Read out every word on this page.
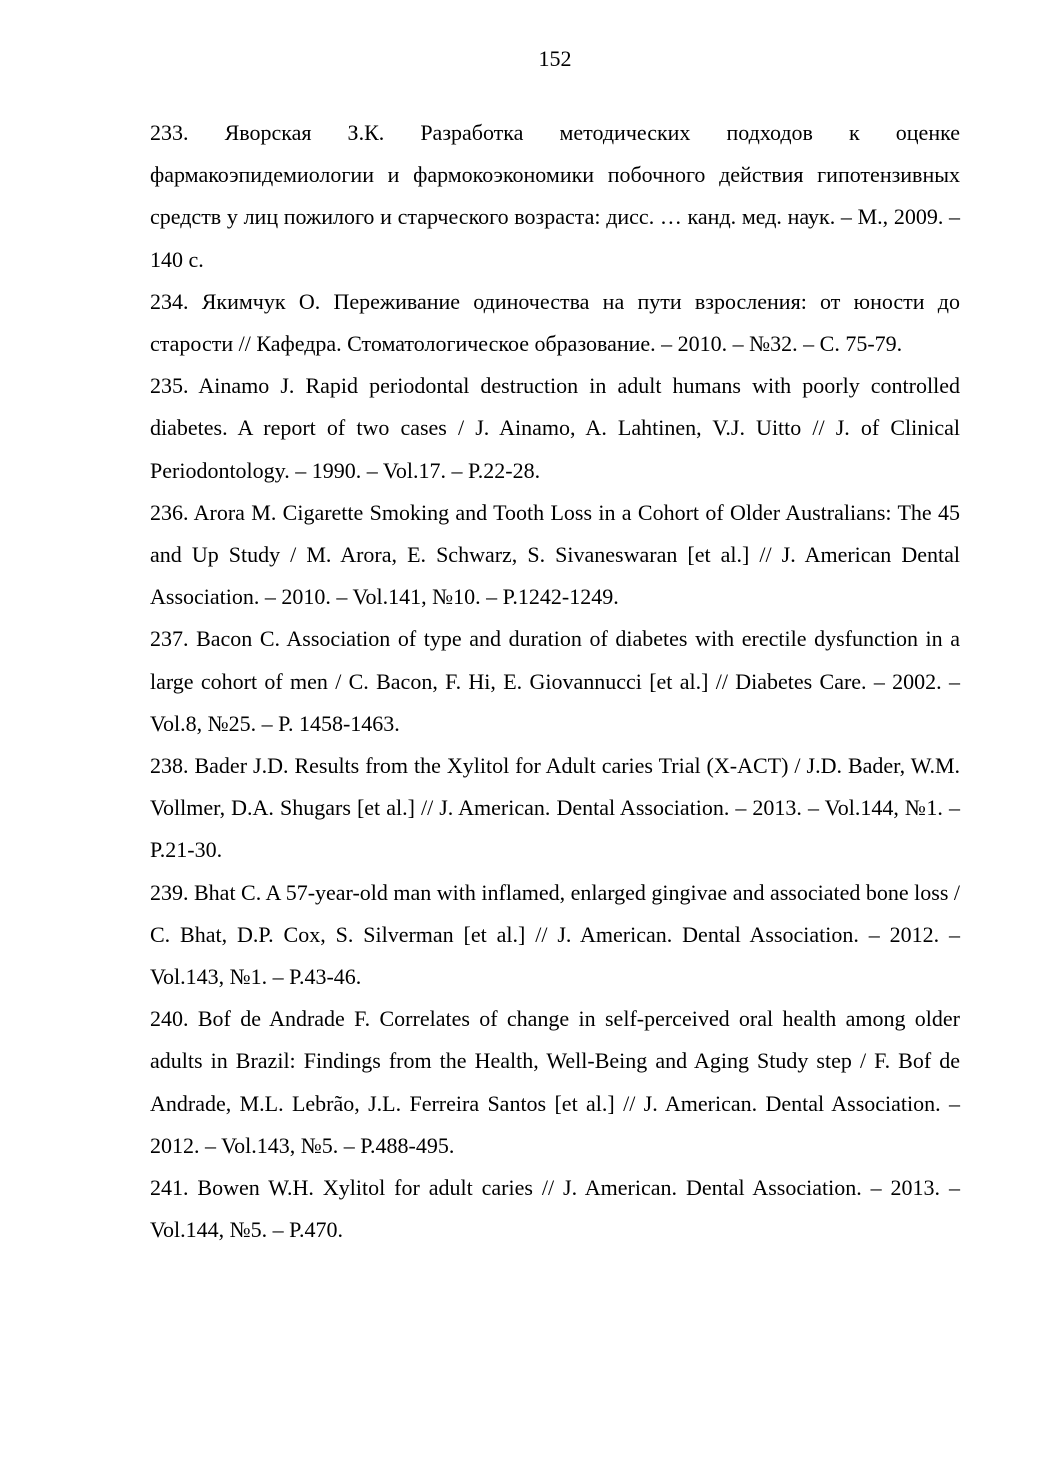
152
233. Яворская З.К. Разработка методических подходов к оценке фармакоэпидемиологии и фармокоэкономики побочного действия гипотензивных средств у лиц пожилого и старческого возраста: дисс. … канд. мед. наук. – М., 2009. – 140 с.
234. Якимчук О. Переживание одиночества на пути взросления: от юности до старости // Кафедра. Стоматологическое образование. – 2010. – №32. – С. 75-79.
235. Ainamo J. Rapid periodontal destruction in adult humans with poorly controlled diabetes. A report of two cases / J. Ainamo, A. Lahtinen, V.J. Uitto // J. of Clinical Periodontology. – 1990. – Vol.17. – P.22-28.
236. Arora M. Cigarette Smoking and Tooth Loss in a Cohort of Older Australians: The 45 and Up Study / M. Arora, E. Schwarz, S. Sivaneswaran [et al.] // J. American Dental Association. – 2010. – Vol.141, №10. – P.1242-1249.
237. Bacon C. Association of type and duration of diabetes with erectile dysfunction in a large cohort of men / C. Bacon, F. Hi, E. Giovannucci [et al.] // Diabetes Care. – 2002. – Vol.8, №25. – P. 1458-1463.
238. Bader J.D. Results from the Xylitol for Adult caries Trial (X-ACT) / J.D. Bader, W.M. Vollmer, D.A. Shugars [et al.] // J. American. Dental Association. – 2013. – Vol.144, №1. – P.21-30.
239. Bhat C. A 57-year-old man with inflamed, enlarged gingivae and associated bone loss / C. Bhat, D.P. Cox, S. Silverman [et al.] // J. American. Dental Association. – 2012. – Vol.143, №1. – P.43-46.
240. Bof de Andrade F. Correlates of change in self-perceived oral health among older adults in Brazil: Findings from the Health, Well-Being and Aging Study step / F. Bof de Andrade, M.L. Lebrão, J.L. Ferreira Santos [et al.] // J. American. Dental Association. – 2012. – Vol.143, №5. – P.488-495.
241. Bowen W.H. Xylitol for adult caries // J. American. Dental Association. – 2013. – Vol.144, №5. – P.470.
